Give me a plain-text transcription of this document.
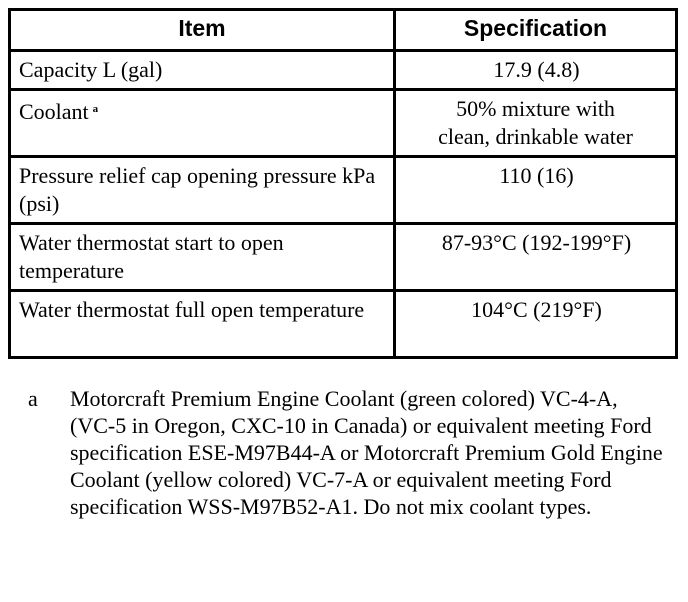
Item	Specification
Capacity L (gal)	17.9 (4.8)
Coolant $^a$	50% mixture with clean, drinkable water
Pressure relief cap opening pressure kPa (psi)	110 (16)
Water thermostat start to open temperature	87-93°C (192-199°F)
Water thermostat full open temperature	104°C (219°F)
a	Motorcraft Premium Engine Coolant (green colored) VC-4-A, (VC-5 in Oregon, CXC-10 in Canada) or equivalent meeting Ford specification ESE-M97B44-A or Motorcraft Premium Gold Engine Coolant (yellow colored) VC-7-A or equivalent meeting Ford specification WSS-M97B52-A1. Do not mix coolant types.
